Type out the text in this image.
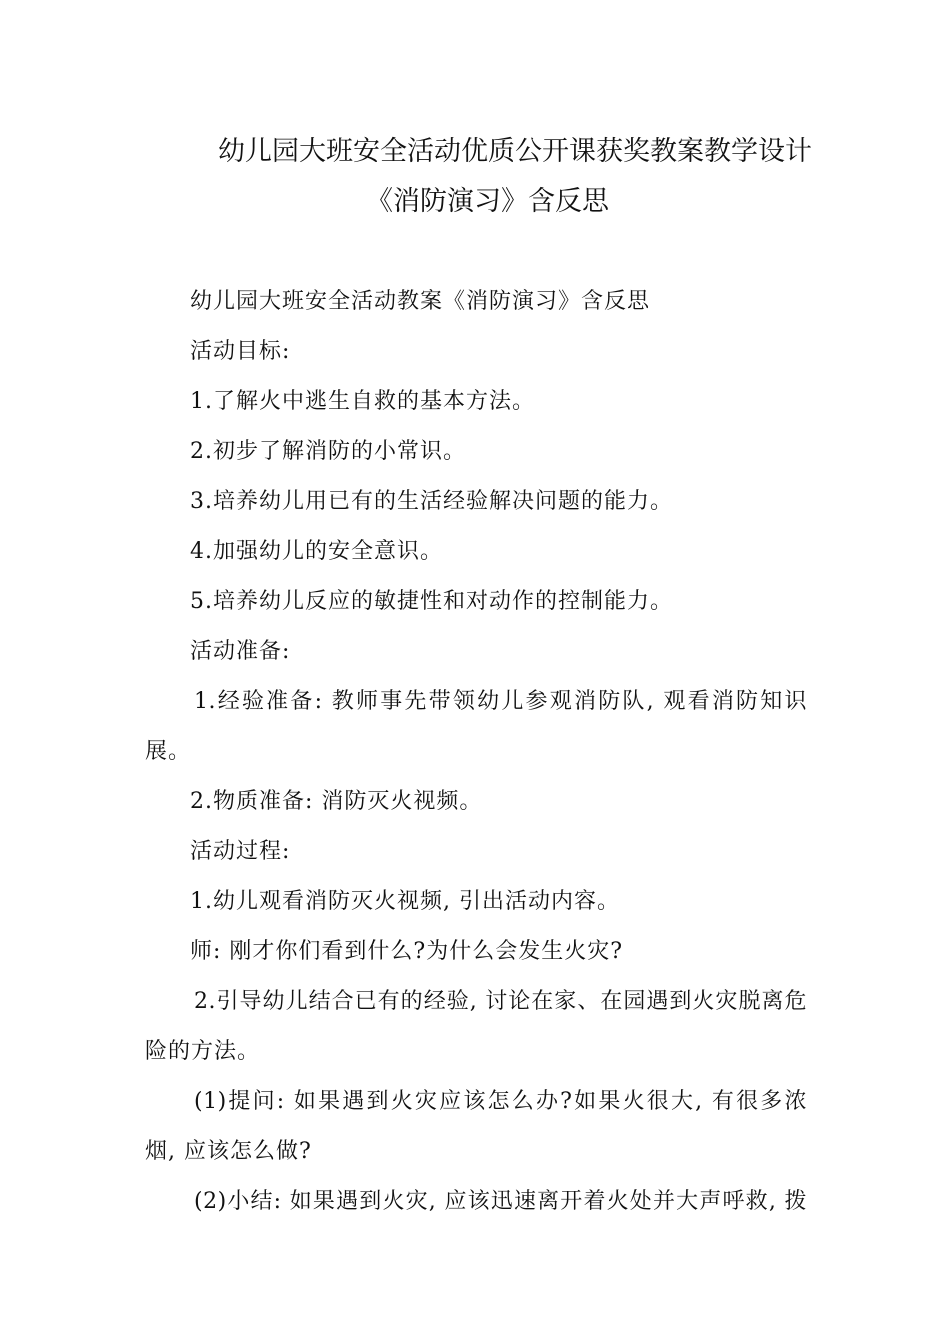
幼儿园大班安全活动优质公开课获奖教案教学设计
《消防演习》含反思
幼儿园大班安全活动教案《消防演习》含反思
活动目标:
1.了解火中逃生自救的基本方法。
2.初步了解消防的小常识。
3.培养幼儿用已有的生活经验解决问题的能力。
4.加强幼儿的安全意识。
5.培养幼儿反应的敏捷性和对动作的控制能力。
活动准备:
1.经验准备: 教师事先带领幼儿参观消防队, 观看消防知识
展。
2.物质准备: 消防灭火视频。
活动过程:
1.幼儿观看消防灭火视频, 引出活动内容。
师: 刚才你们看到什么?为什么会发生火灾?
2.引导幼儿结合已有的经验, 讨论在家、在园遇到火灾脱离危
险的方法。
(1)提问: 如果遇到火灾应该怎么办?如果火很大, 有很多浓
烟, 应该怎么做?
(2)小结: 如果遇到火灾, 应该迅速离开着火处并大声呼救, 拨
